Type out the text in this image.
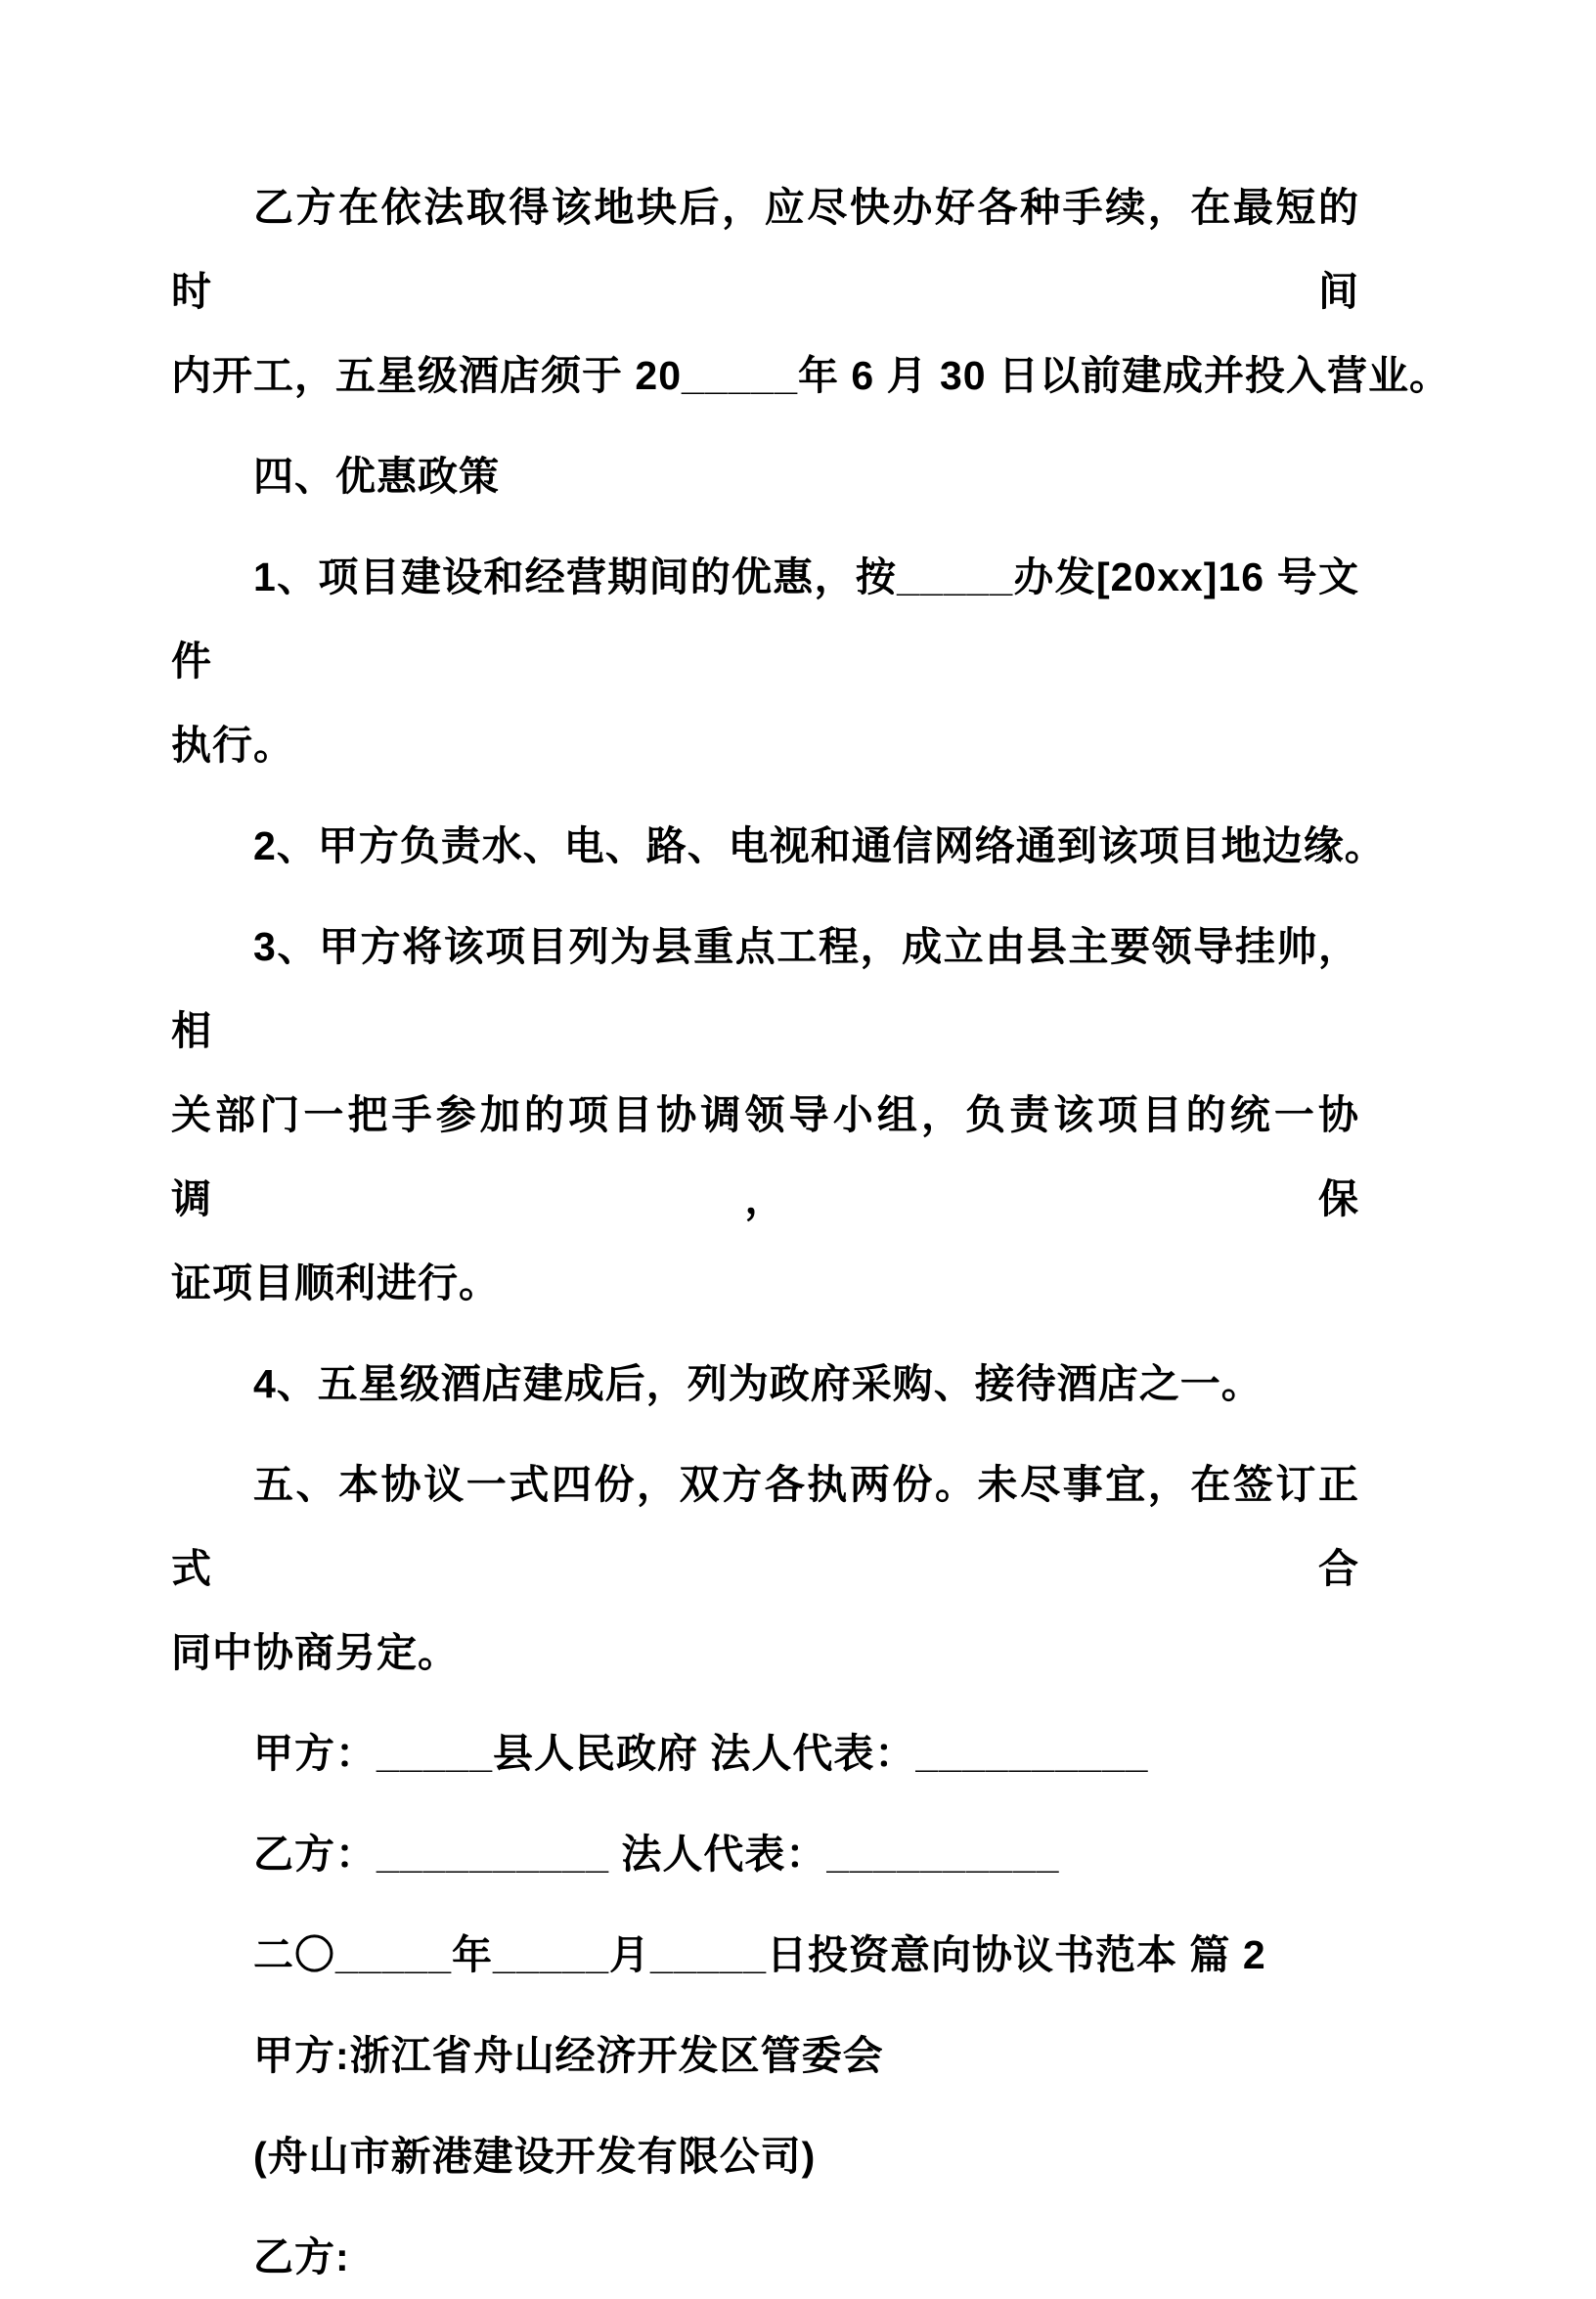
乙方在依法取得该地块后，应尽快办好各种手续，在最短的时间

内开工，五星级酒店须于 20_____年 6 月 30 日以前建成并投入营业。

四、优惠政策

1、项目建设和经营期间的优惠，按_____办发[20xx]16 号文件

执行。

2、甲方负责水、电、路、电视和通信网络通到该项目地边缘。

3、甲方将该项目列为县重点工程，成立由县主要领导挂帅，相

关部门一把手参加的项目协调领导小组，负责该项目的统一协调，保

证项目顺利进行。

4、五星级酒店建成后，列为政府采购、接待酒店之一。

五、本协议一式四份，双方各执两份。未尽事宜，在签订正式合

同中协商另定。

甲方：_____县人民政府 法人代表：__________

乙方：__________ 法人代表：__________

二〇_____年_____月_____日投资意向协议书范本 篇 2

甲方:浙江省舟山经济开发区管委会

(舟山市新港建设开发有限公司)

乙方:
